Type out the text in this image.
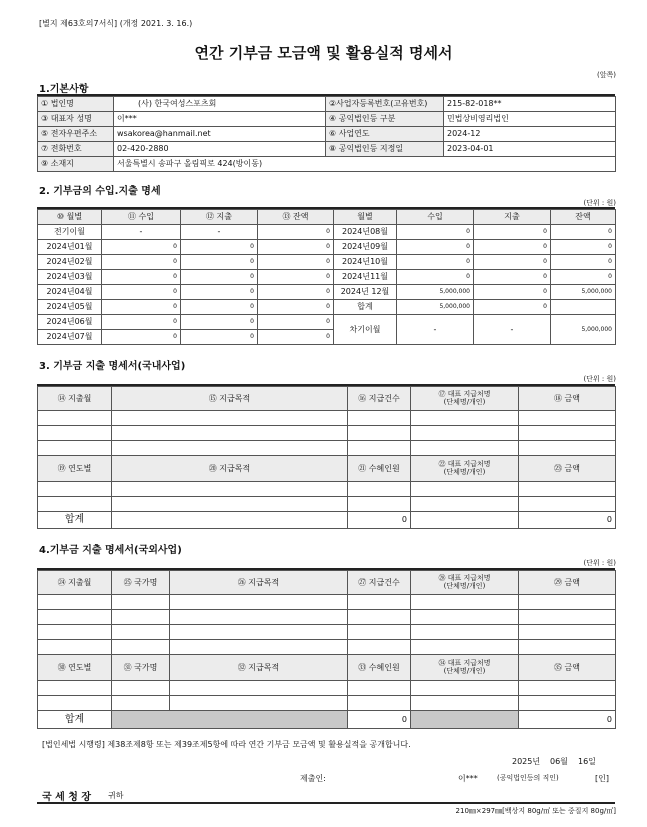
[별지 제63호의7서식] (개정 2021. 3. 16.)
연간 기부금 모금액 및 활용실적 명세서
(앞쪽)
1.기본사항
① 법인명	(사) 한국여성스포츠회	②사업자등록번호(고유번호)	215-82-018**
③ 대표자 성명	이***	④ 공익법인등 구분	민법상비영리법인
⑤ 전자우편주소	wsakorea@hanmail.net	⑥ 사업연도	2024-12
⑦ 전화번호	02-420-2880	⑧ 공익법인등 지정일	2023-04-01
⑨ 소재지	서울특별시 송파구 올림픽로 424(방이동)		
2. 기부금의 수입.지출 명세
(단위 : 원)
⑩ 월별	⑪ 수입	⑫ 지출	⑬ 잔액	월별	수입	지출	잔액
전기이월	-	-	0	2024년08월	0	0	0
2024년01월	0	0	0	2024년09월	0	0	0
2024년02월	0	0	0	2024년10월	0	0	0
2024년03월	0	0	0	2024년11월	0	0	0
2024년04월	0	0	0	2024년 12월	5,000,000	0	5,000,000
2024년05월	0	0	0	합계	5,000,000	0	
2024년06월	0	0	0	차기이월	-	-	5,000,000
2024년07월	0	0	0				
3. 기부금 지출 명세서(국내사업)
(단위 : 원)
⑭ 지출월	⑮ 지급목적	⑯ 지급건수	⑰ 대표 지급처명
(단체명/개인)	⑱ 금액

⑲ 연도별	⑳ 지급목적	㉑ 수혜인원	㉒ 대표 지급처명
(단체명/개인)	㉓ 금액

합계		0		0
4.기부금 지출 명세서(국외사업)
(단위 : 원)
㉔ 지출월	㉕ 국가명	㉖ 지급목적	㉗ 지급건수	㉘ 대표 지급처명
(단체명/개인)	㉙ 금액

㉚ 연도별	㉛ 국가명	㉜ 지급목적	㉝ 수혜인원	㉞ 대표 지급처명
(단체명/개인)	㉟ 금액

합계			0		0
[법인세법 시행령] 제38조제8항 또는 제39조제5항에 따라 연간 기부금 모금액 및 활용실적을 공개합니다.
2025년 06월 16일
제출인:	이***	(공익법인등의 직인)	[인]
국 세 청 장 귀하
210㎜×297㎜[백상지 80g/㎡ 또는 중질지 80g/㎡]
